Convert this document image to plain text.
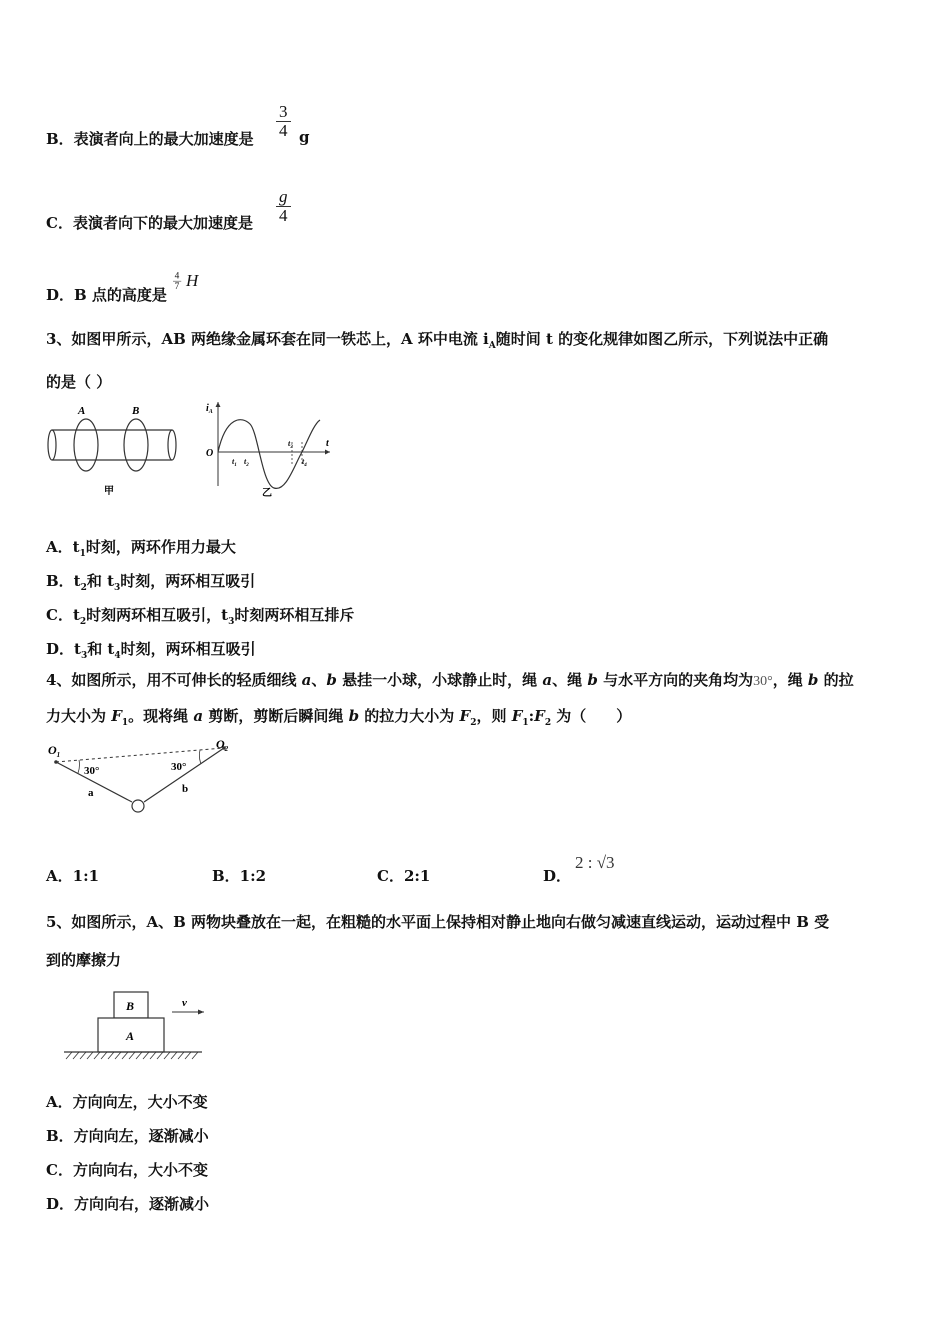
B．表演者向上的最大加速度是 $\frac{3}{4}$ g
C．表演者向下的最大加速度是 $\frac{g}{4}$
D．B 点的高度是
$\frac{4}{7}$ H
3、如图甲所示，AB 两绝缘金属环套在同一铁芯上，A 环中电流 $i_A$随时间 t 的变化规律如图乙所示，下列说法中正确
的是（ ）
A	B
甲
$i_A$
t
O
$t_1$ $t_2$
$t_3$
$t_4$
乙
A．$t_1$时刻，两环作用力最大
B．$t_2$和 $t_3$时刻，两环相互吸引
C．$t_2$时刻两环相互吸引，$t_3$时刻两环相互排斥
D．$t_3$和 $t_4$时刻，两环相互吸引
4、如图所示，用不可伸长的轻质细线 a、b 悬挂一小球，小球静止时，绳 a、绳 b 与水平方向的夹角均为30°，绳 b 的拉
力大小为 $F_1$。现将绳 a 剪断，剪断后瞬间绳 b 的拉力大小为 $F_2$，则 $F_1:F_2$ 为（　　）
$O_1$
$O_2$
30°	30°
a	b
A．1:1	B．1:2	C．2:1	D．
2 : √3
5、如图所示，A、B 两物块叠放在一起，在粗糙的水平面上保持相对静止地向右做匀减速直线运动，运动过程中 B 受
到的摩擦力
v
B
A
A．方向向左，大小不变
B．方向向左，逐渐减小
C．方向向右，大小不变
D．方向向右，逐渐减小
